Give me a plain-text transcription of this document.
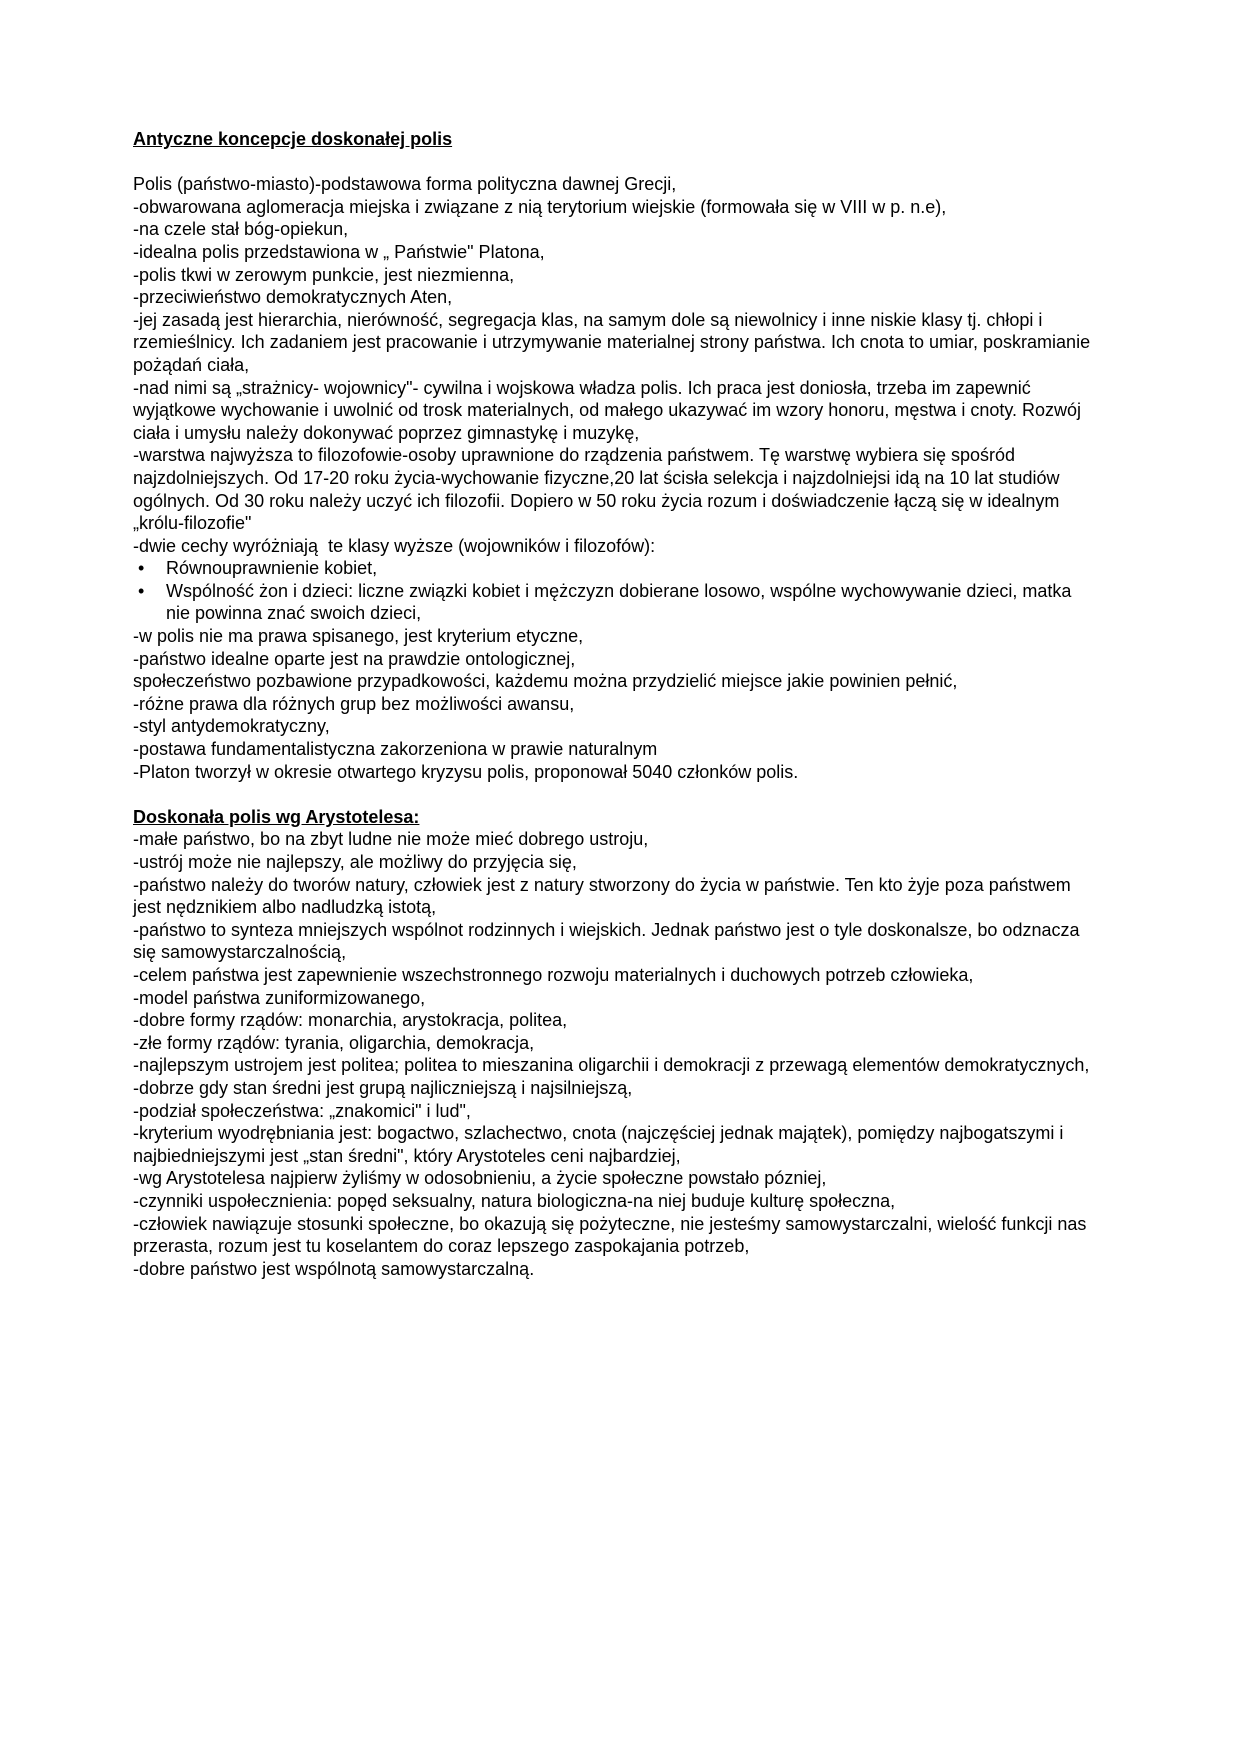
Antyczne koncepcje doskonałej polis

Polis (państwo-miasto)-podstawowa forma polityczna dawnej Grecji,

-obwarowana aglomeracja miejska i związane z nią terytorium wiejskie (formowała się w VIII w p. n.e),

-na czele stał bóg-opiekun,

-idealna polis przedstawiona w „ Państwie" Platona,

-polis tkwi w zerowym punkcie, jest niezmienna,

-przeciwieństwo demokratycznych Aten,

-jej zasadą jest hierarchia, nierówność, segregacja klas, na samym dole są niewolnicy i inne niskie klasy tj. chłopi i rzemieślnicy. Ich zadaniem jest pracowanie i utrzymywanie materialnej strony państwa. Ich cnota to umiar, poskramianie pożądań ciała,

-nad nimi są „strażnicy- wojownicy"- cywilna i wojskowa władza polis. Ich praca jest doniosła, trzeba im zapewnić wyjątkowe wychowanie i uwolnić od trosk materialnych, od małego ukazywać im wzory honoru, męstwa i cnoty. Rozwój ciała i umysłu należy dokonywać poprzez gimnastykę i muzykę,

-warstwa najwyższa to filozofowie-osoby uprawnione do rządzenia państwem. Tę warstwę wybiera się spośród najzdolniejszych. Od 17-20 roku życia-wychowanie fizyczne,20 lat ścisła selekcja i najzdolniejsi idą na 10 lat studiów ogólnych. Od 30 roku należy uczyć ich filozofii. Dopiero w 50 roku życia rozum i doświadczenie łączą się w idealnym „królu-filozofie"

-dwie cechy wyróżniają  te klasy wyższe (wojowników i filozofów):

•	Równouprawnienie kobiet,
•	Wspólność żon i dzieci: liczne związki kobiet i mężczyzn dobierane losowo, wspólne wychowywanie dzieci, matka nie powinna znać swoich dzieci,

-w polis nie ma prawa spisanego, jest kryterium etyczne,

-państwo idealne oparte jest na prawdzie ontologicznej,

społeczeństwo pozbawione przypadkowości, każdemu można przydzielić miejsce jakie powinien pełnić,

-różne prawa dla różnych grup bez możliwości awansu,

-styl antydemokratyczny,

-postawa fundamentalistyczna zakorzeniona w prawie naturalnym

-Platon tworzył w okresie otwartego kryzysu polis, proponował 5040 członków polis.

Doskonała polis wg Arystotelesa:

-małe państwo, bo na zbyt ludne nie może mieć dobrego ustroju,

-ustrój może nie najlepszy, ale możliwy do przyjęcia się,

-państwo należy do tworów natury, człowiek jest z natury stworzony do życia w państwie. Ten kto żyje poza państwem jest nędznikiem albo nadludzką istotą,

-państwo to synteza mniejszych wspólnot rodzinnych i wiejskich. Jednak państwo jest o tyle doskonalsze, bo odznacza się samowystarczalnością,

-celem państwa jest zapewnienie wszechstronnego rozwoju materialnych i duchowych potrzeb człowieka,

-model państwa zuniformizowanego,

-dobre formy rządów: monarchia, arystokracja, politea,

-złe formy rządów: tyrania, oligarchia, demokracja,

-najlepszym ustrojem jest politea; politea to mieszanina oligarchii i demokracji z przewagą elementów demokratycznych,

-dobrze gdy stan średni jest grupą najliczniejszą i najsilniejszą,

-podział społeczeństwa: „znakomici" i lud",

-kryterium wyodrębniania jest: bogactwo, szlachectwo, cnota (najczęściej jednak majątek), pomiędzy najbogatszymi i najbiedniejszymi jest „stan średni", który Arystoteles ceni najbardziej,

-wg Arystotelesa najpierw żyliśmy w odosobnieniu, a życie społeczne powstało pózniej,

-czynniki uspołecznienia: popęd seksualny, natura biologiczna-na niej buduje kulturę społeczna,

-człowiek nawiązuje stosunki społeczne, bo okazują się pożyteczne, nie jesteśmy samowystarczalni, wielość funkcji nas przerasta, rozum jest tu koselantem do coraz lepszego zaspokajania potrzeb,

-dobre państwo jest wspólnotą samowystarczalną.
